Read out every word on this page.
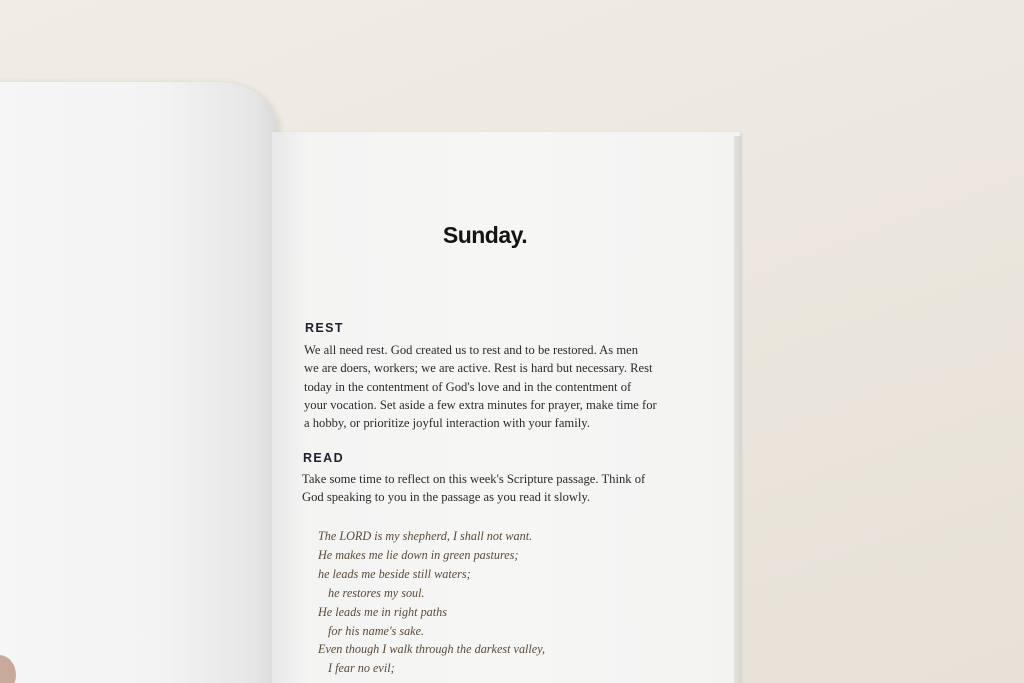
Sunday.
REST

We all need rest. God created us to rest and to be restored. As men

we are doers, workers; we are active. Rest is hard but necessary. Rest

today in the contentment of God's love and in the contentment of

your vocation. Set aside a few extra minutes for prayer, make time for

a hobby, or prioritize joyful interaction with your family.

READ

Take some time to reflect on this week's Scripture passage. Think of

God speaking to you in the passage as you read it slowly.

The LORD is my shepherd, I shall not want.

He makes me lie down in green pastures;

he leads me beside still waters;

he restores my soul.

He leads me in right paths

for his name's sake.

Even though I walk through the darkest valley,

I fear no evil;
